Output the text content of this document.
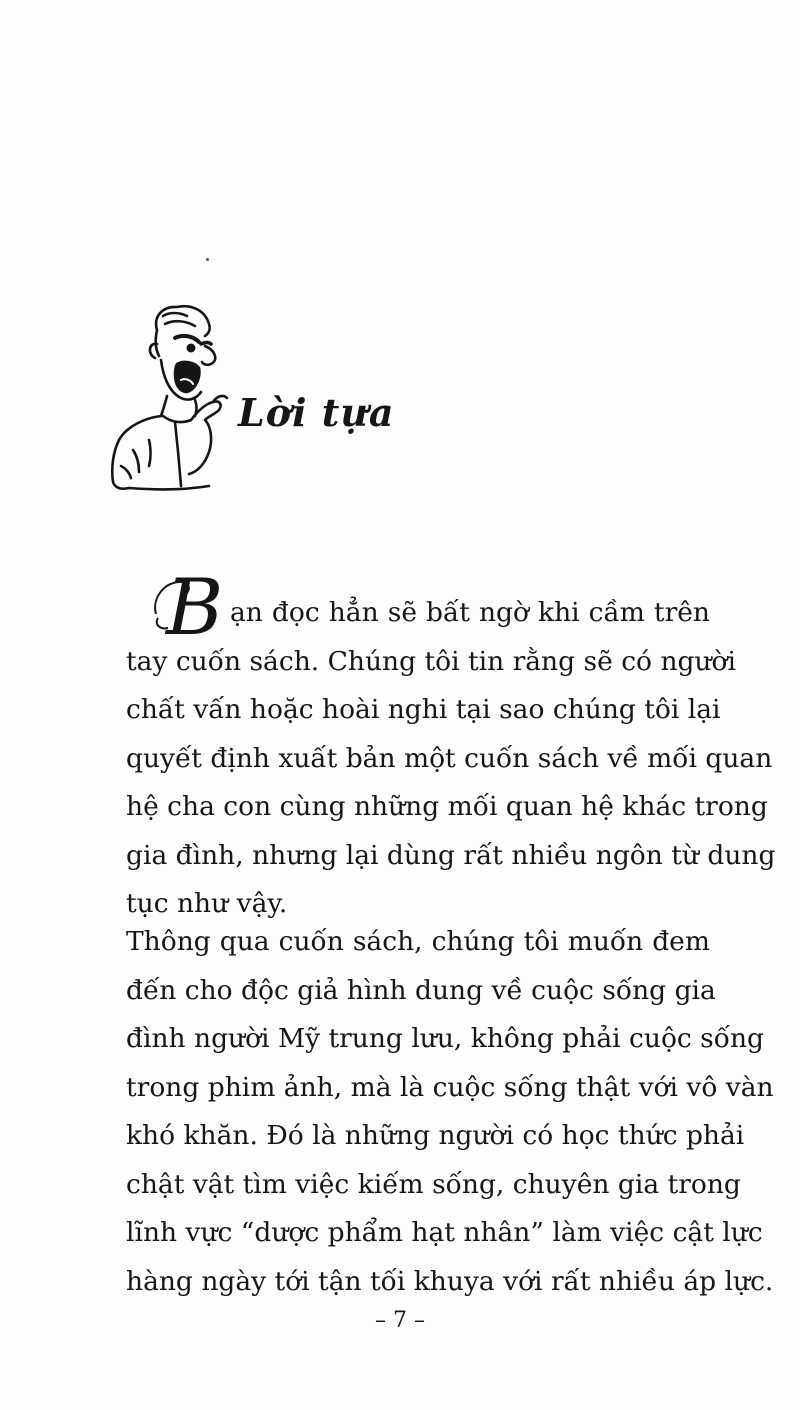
Lời tựa
B ạn đọc hẳn sẽ bất ngờ khi cầm trên
tay cuốn sách. Chúng tôi tin rằng sẽ có người
chất vấn hoặc hoài nghi tại sao chúng tôi lại
quyết định xuất bản một cuốn sách về mối quan
hệ cha con cùng những mối quan hệ khác trong
gia đình, nhưng lại dùng rất nhiều ngôn từ dung
tục như vậy.
Thông qua cuốn sách, chúng tôi muốn đem
đến cho độc giả hình dung về cuộc sống gia
đình người Mỹ trung lưu, không phải cuộc sống
trong phim ảnh, mà là cuộc sống thật với vô vàn
khó khăn. Đó là những người có học thức phải
chật vật tìm việc kiếm sống, chuyên gia trong
lĩnh vực “dược phẩm hạt nhân” làm việc cật lực
hàng ngày tới tận tối khuya với rất nhiều áp lực.
– 7 –
